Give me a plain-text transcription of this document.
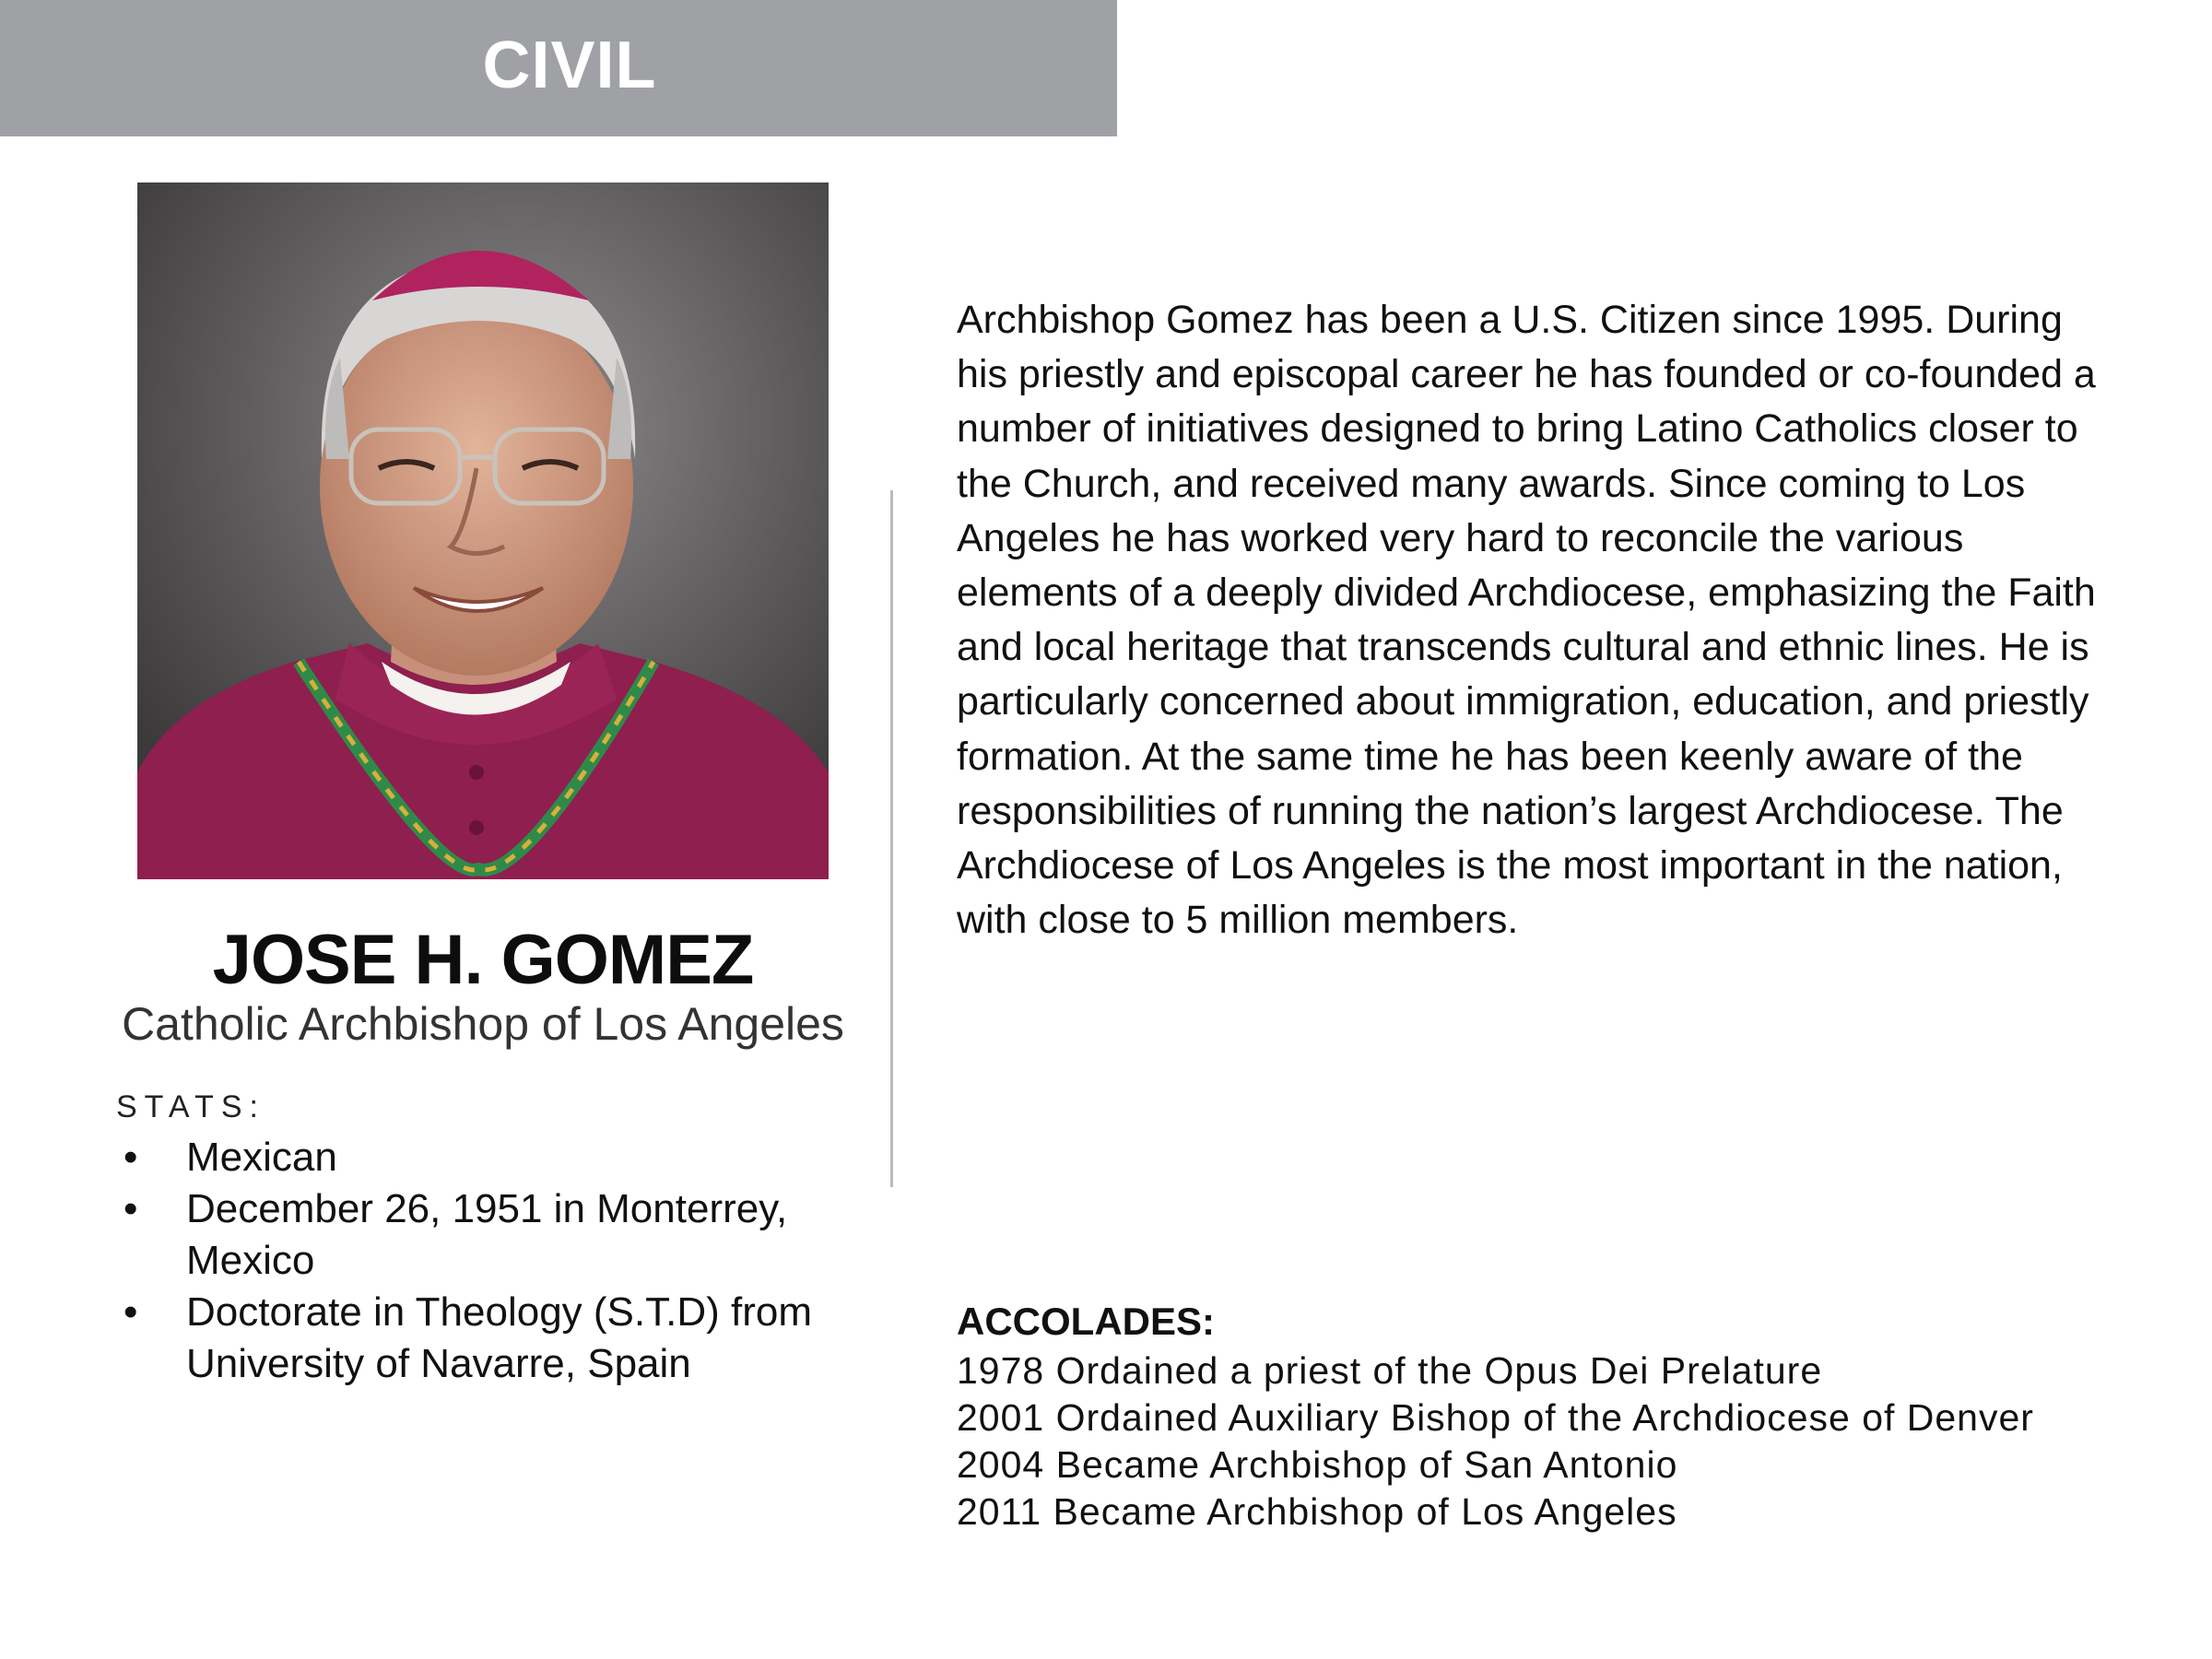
CIVIL
JOSE H. GOMEZ
Catholic Archbishop of Los Angeles
STATS:
• Mexican
• December 26, 1951 in Monterrey, Mexico
• Doctorate in Theology (S.T.D) from University of Navarre, Spain

Archbishop Gomez has been a U.S. Citizen since 1995. During his priestly and episcopal career he has founded or co-founded a number of initiatives designed to bring Latino Catholics closer to the Church, and received many awards. Since coming to Los Angeles he has worked very hard to reconcile the various elements of a deeply divided Archdiocese, emphasizing the Faith and local heritage that transcends cultural and ethnic lines. He is particularly concerned about immigration, education, and priestly formation. At the same time he has been keenly aware of the responsibilities of running the nation’s largest Archdiocese. The Archdiocese of Los Angeles is the most important in the nation, with close to 5 million members.

ACCOLADES:
1978 Ordained a priest of the Opus Dei Prelature
2001 Ordained Auxiliary Bishop of the Archdiocese of Denver
2004 Became Archbishop of San Antonio
2011 Became Archbishop of Los Angeles
